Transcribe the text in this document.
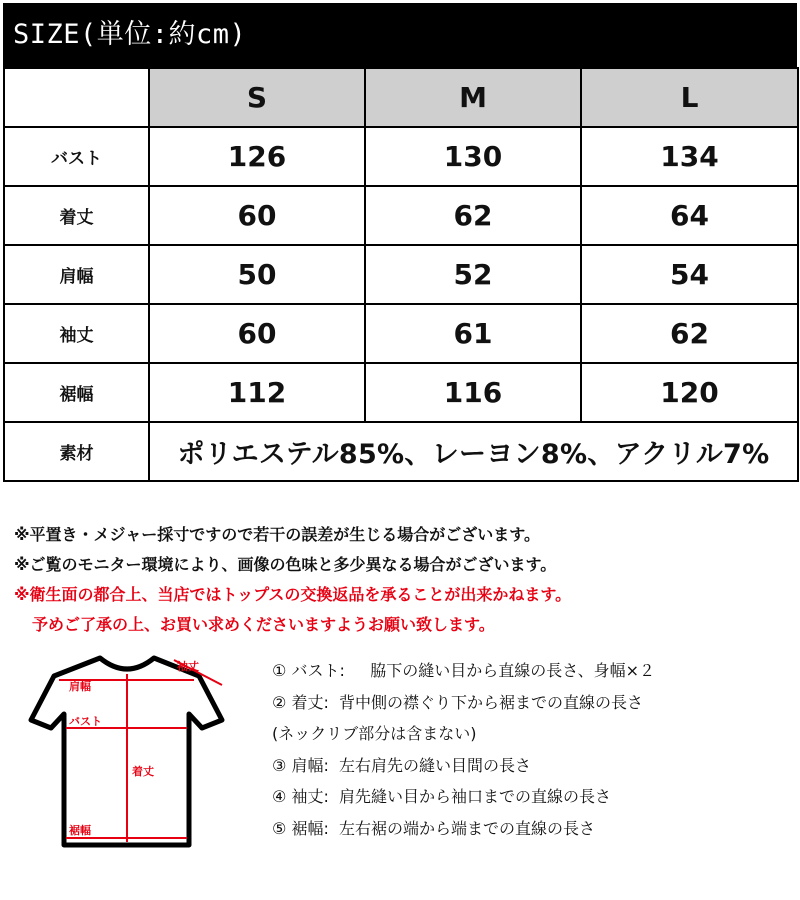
SIZE(単位:約cm)
	S	M	L
バスト	126	130	134
着丈	60	62	64
肩幅	50	52	54
袖丈	60	61	62
裾幅	112	116	120
素材	ポリエステル85%、レーヨン8%、アクリル7%		
※平置き・メジャー採寸ですので若干の誤差が生じる場合がございます。
※ご覧のモニター環境により、画像の色味と多少異なる場合がございます。
※衛生面の都合上、当店ではトップスの交換返品を承ることが出来かねます。
予めご了承の上、お買い求めくださいますようお願い致します。
袖丈
肩幅
バスト
着丈
裾幅
①
バスト:
脇下の縫い目から直線の長さ、身幅×２
②
着丈:
背中側の襟ぐり下から裾までの直線の長さ
(ネックリブ部分は含まない)
③
肩幅:
左右肩先の縫い目間の長さ
④
袖丈:
肩先縫い目から袖口までの直線の長さ
⑤
裾幅:
左右裾の端から端までの直線の長さ
